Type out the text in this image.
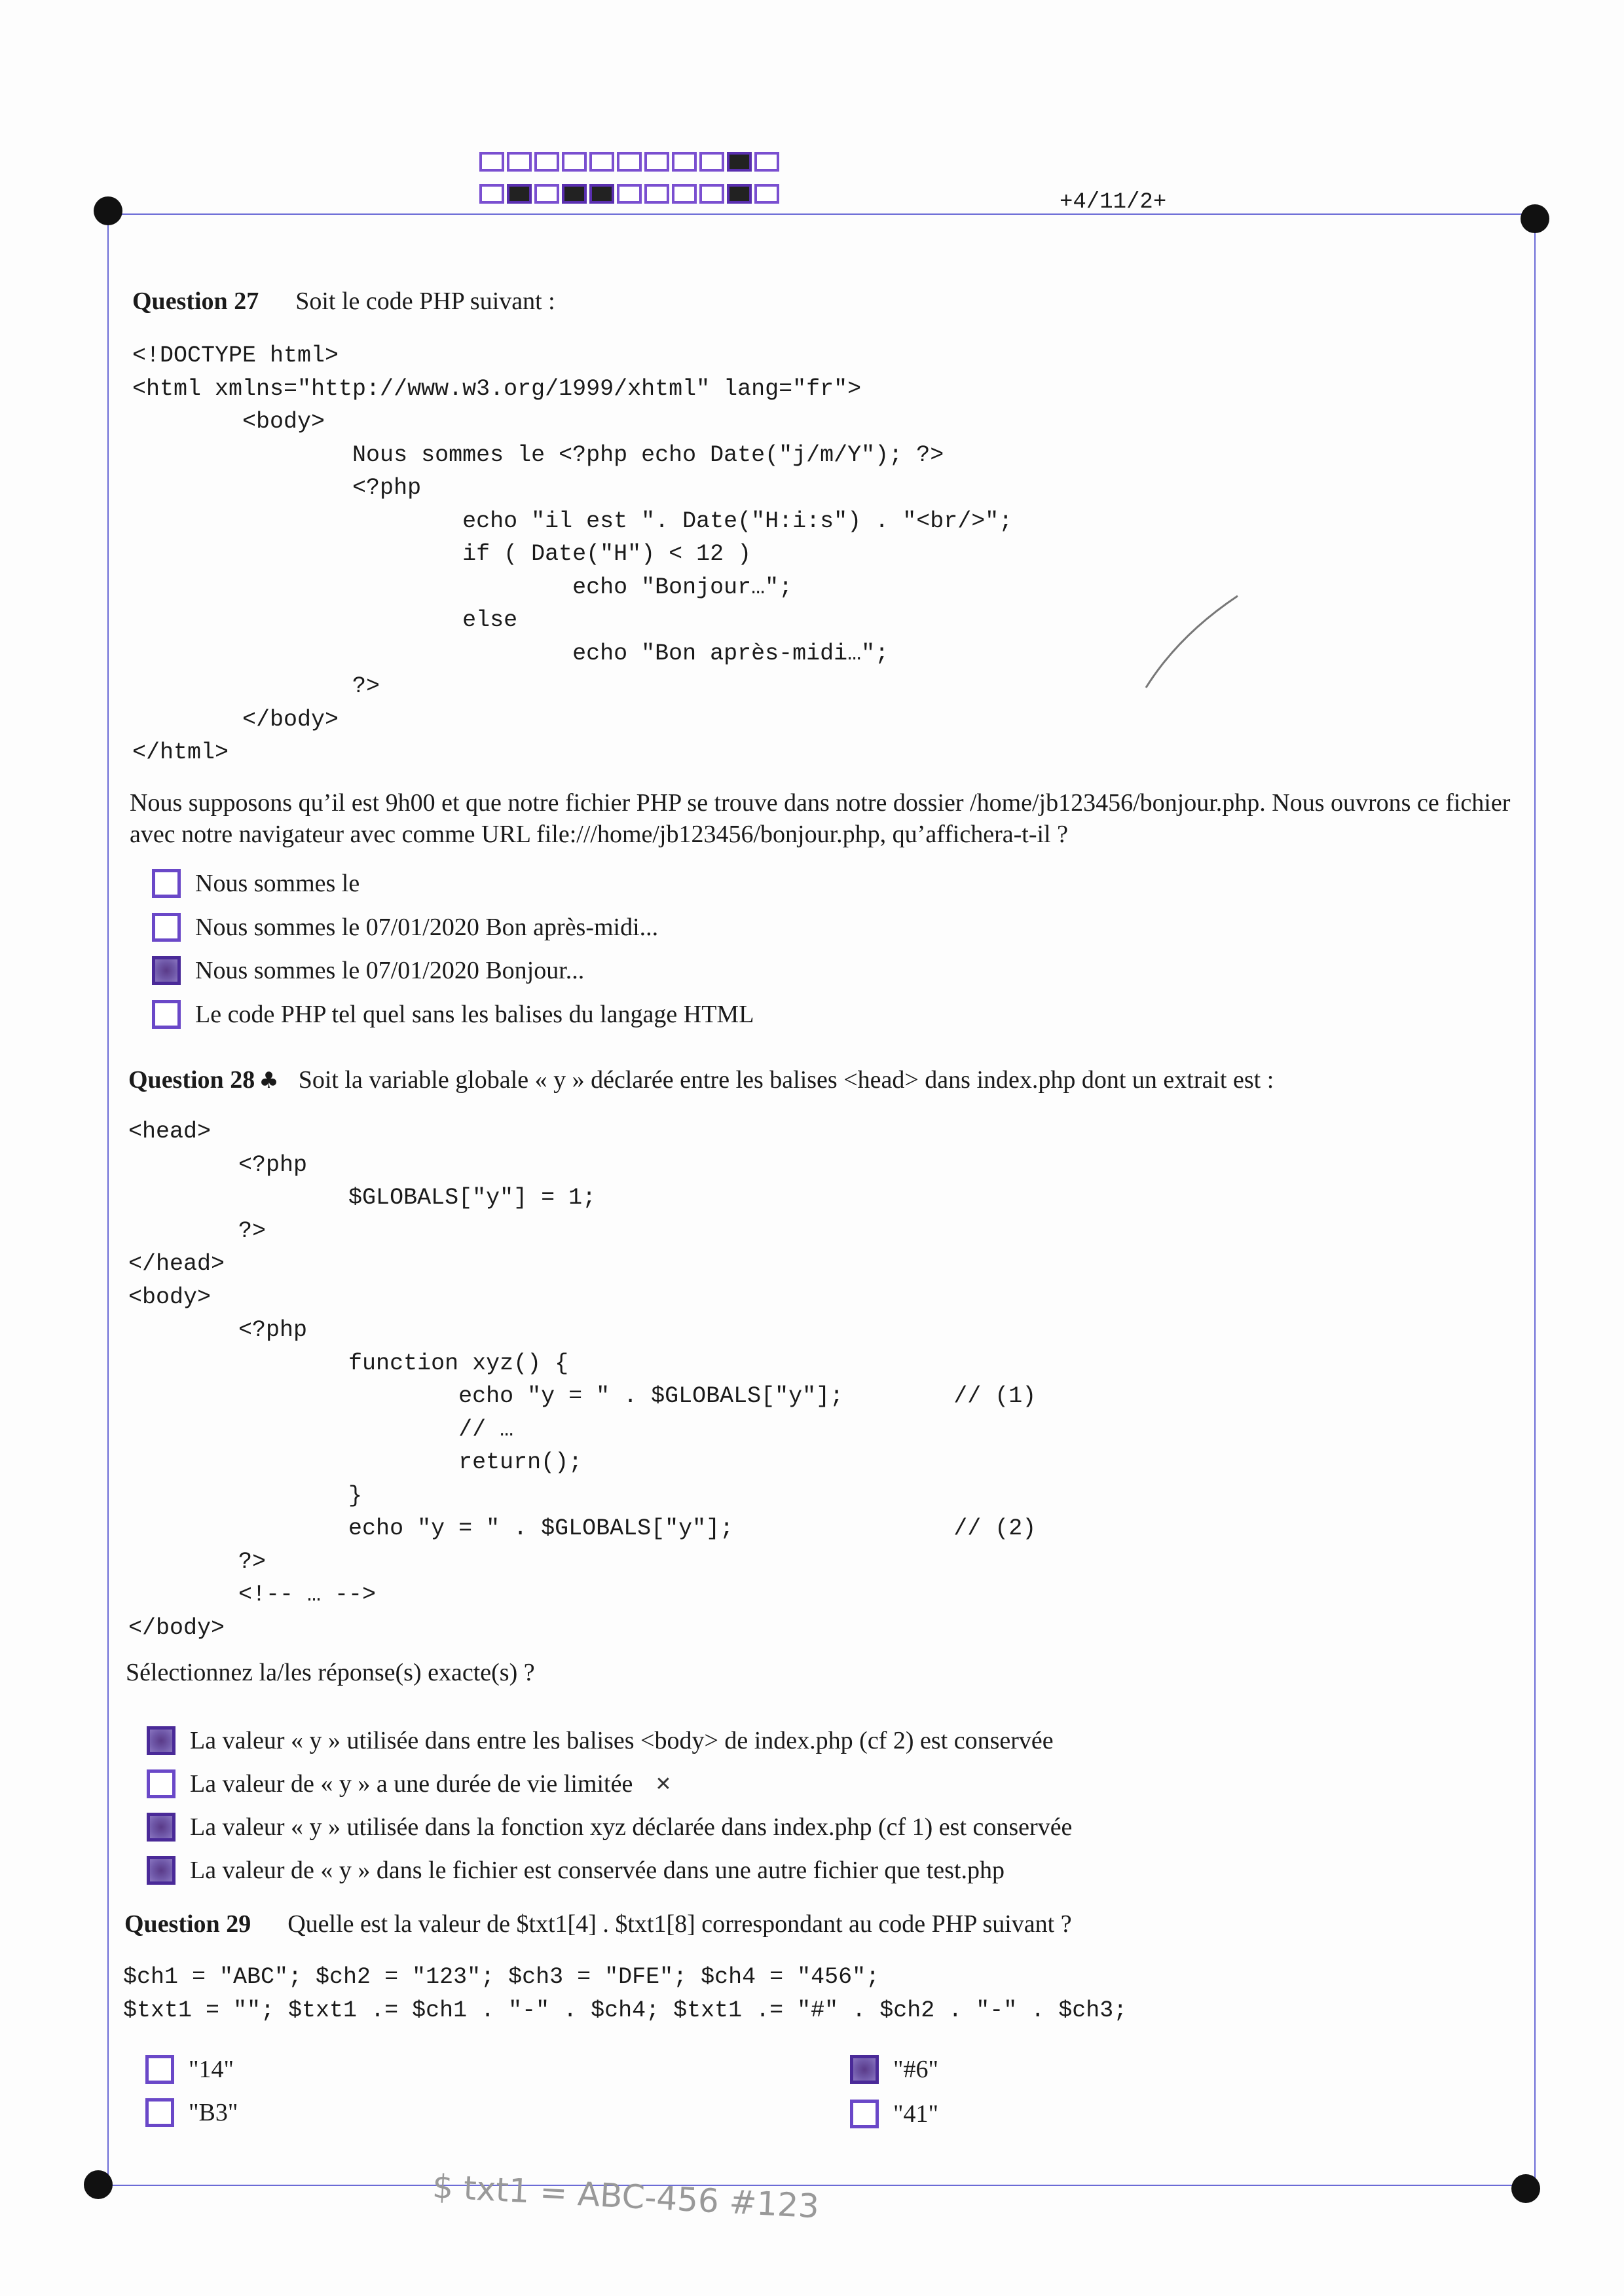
+4/11/2+
Question 27 Soit le code PHP suivant :
<!DOCTYPE html>
<html xmlns="http://www.w3.org/1999/xhtml" lang="fr">
<body>
Nous sommes le <?php echo Date("j/m/Y"); ?>
<?php
echo "il est ". Date("H:i:s") . "<br/>";
if ( Date("H") < 12 )
echo "Bonjour…";
else
echo "Bon après-midi…";
?>
</body>
</html>
Nous supposons qu’il est 9h00 et que notre fichier PHP se trouve dans notre dossier /home/jb123456/bonjour.php. Nous ouvrons ce fichier avec notre navigateur avec comme URL file:///home/jb123456/bonjour.php, qu’affichera-t-il ?
Nous sommes le
Nous sommes le 07/01/2020 Bon après-midi...
Nous sommes le 07/01/2020 Bonjour...
Le code PHP tel quel sans les balises du langage HTML
Question 28 ♣ Soit la variable globale « y » déclarée entre les balises <head> dans index.php dont un extrait est :
<head>
<?php
$GLOBALS["y"] = 1;
?>
</head>
<body>
<?php
function xyz() {
echo "y = " . $GLOBALS["y"];        // (1)
// …
return();
}
echo "y = " . $GLOBALS["y"];                // (2)
?>
<!-- … -->
</body>
Sélectionnez la/les réponse(s) exacte(s) ?
La valeur « y » utilisée dans entre les balises <body> de index.php (cf 2) est conservée
La valeur de « y » a une durée de vie limitée ✕
La valeur « y » utilisée dans la fonction xyz déclarée dans index.php (cf 1) est conservée
La valeur de « y » dans le fichier est conservée dans une autre fichier que test.php
Question 29 Quelle est la valeur de $txt1[4] . $txt1[8] correspondant au code PHP suivant ?
$ch1 = "ABC"; $ch2 = "123"; $ch3 = "DFE"; $ch4 = "456";
$txt1 = ""; $txt1 .= $ch1 . "-" . $ch4; $txt1 .= "#" . $ch2 . "-" . $ch3;
"14"	"#6"
"B3"	"41"
$ txt1 = ABC-456 #123
